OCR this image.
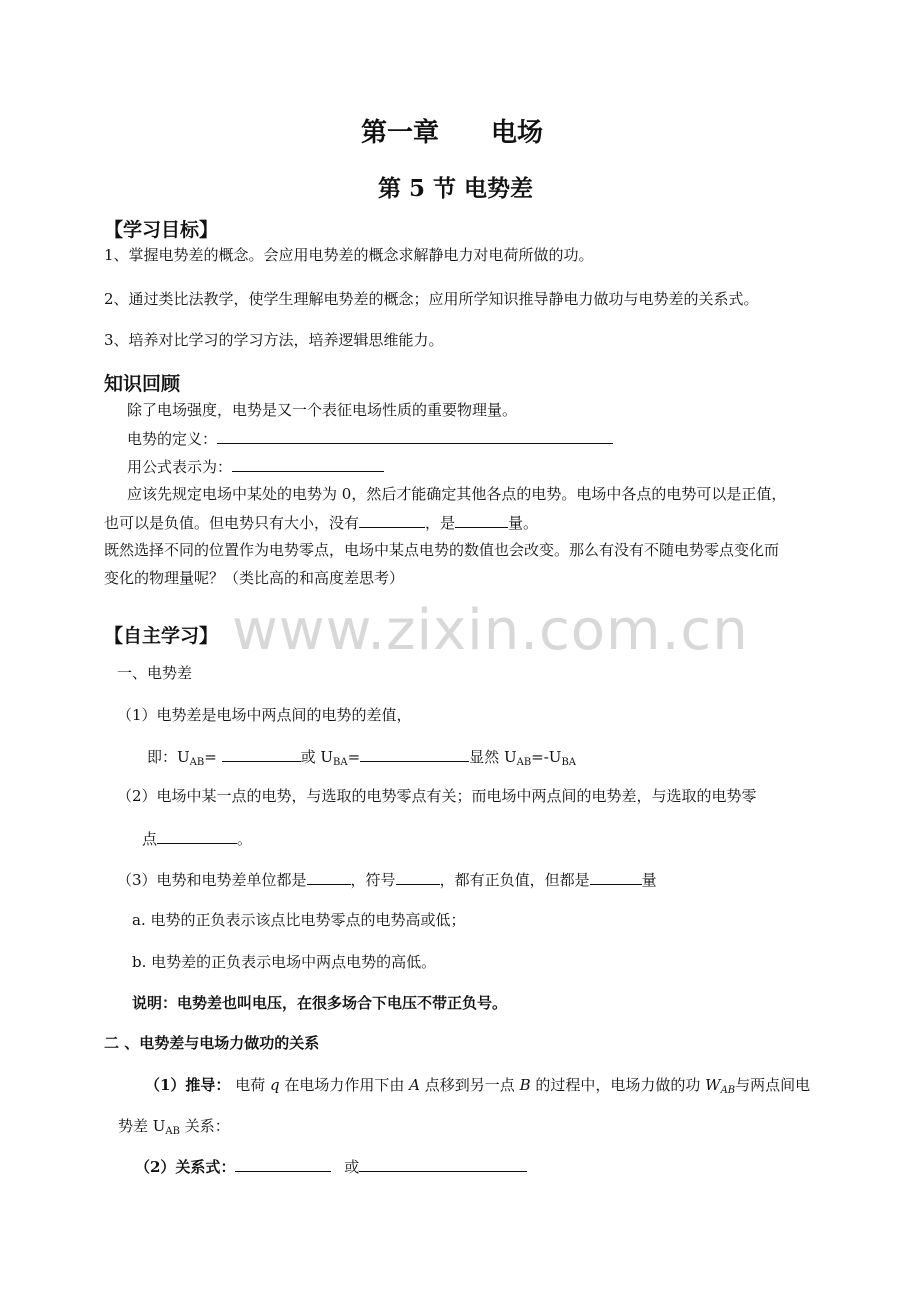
www.zixin.com.cn
第一章 电场
第 5 节 电势差
【学习目标】
1、掌握电势差的概念。会应用电势差的概念求解静电力对电荷所做的功。
2、通过类比法教学，使学生理解电势差的概念；应用所学知识推导静电力做功与电势差的关系式。
3、培养对比学习的学习方法，培养逻辑思维能力。
知识回顾
除了电场强度，电势是又一个表征电场性质的重要物理量。
电势的定义：
用公式表示为：
应该先规定电场中某处的电势为 0，然后才能确定其他各点的电势。电场中各点的电势可以是正值，
也可以是负值。但电势只有大小，没有	，是	量。
既然选择不同的位置作为电势零点，电场中某点电势的数值也会改变。那么有没有不随电势零点变化而
变化的物理量呢？（类比高的和高度差思考）
【自主学习】
一、电势差
（1）电势差是电场中两点间的电势的差值，
即：$U_{AB}=$	或 $U_{BA}=$	显然 $U_{AB}=-U_{BA}$
（2）电场中某一点的电势，与选取的电势零点有关；而电场中两点间的电势差，与选取的电势零
点	。
（3）电势和电势差单位都是	，符号	，都有正负值，但都是	量
a. 电势的正负表示该点比电势零点的电势高或低；
b. 电势差的正负表示电场中两点电势的高低。
说明：电势差也叫电压，在很多场合下电压不带正负号。
二 、电势差与电场力做功的关系
（1）推导： 电荷 q 在电场力作用下由 A 点移到另一点 B 的过程中，电场力做的功 $W_{AB}$与两点间电
势差 $U_{AB}$ 关系：
（2）关系式：	或
